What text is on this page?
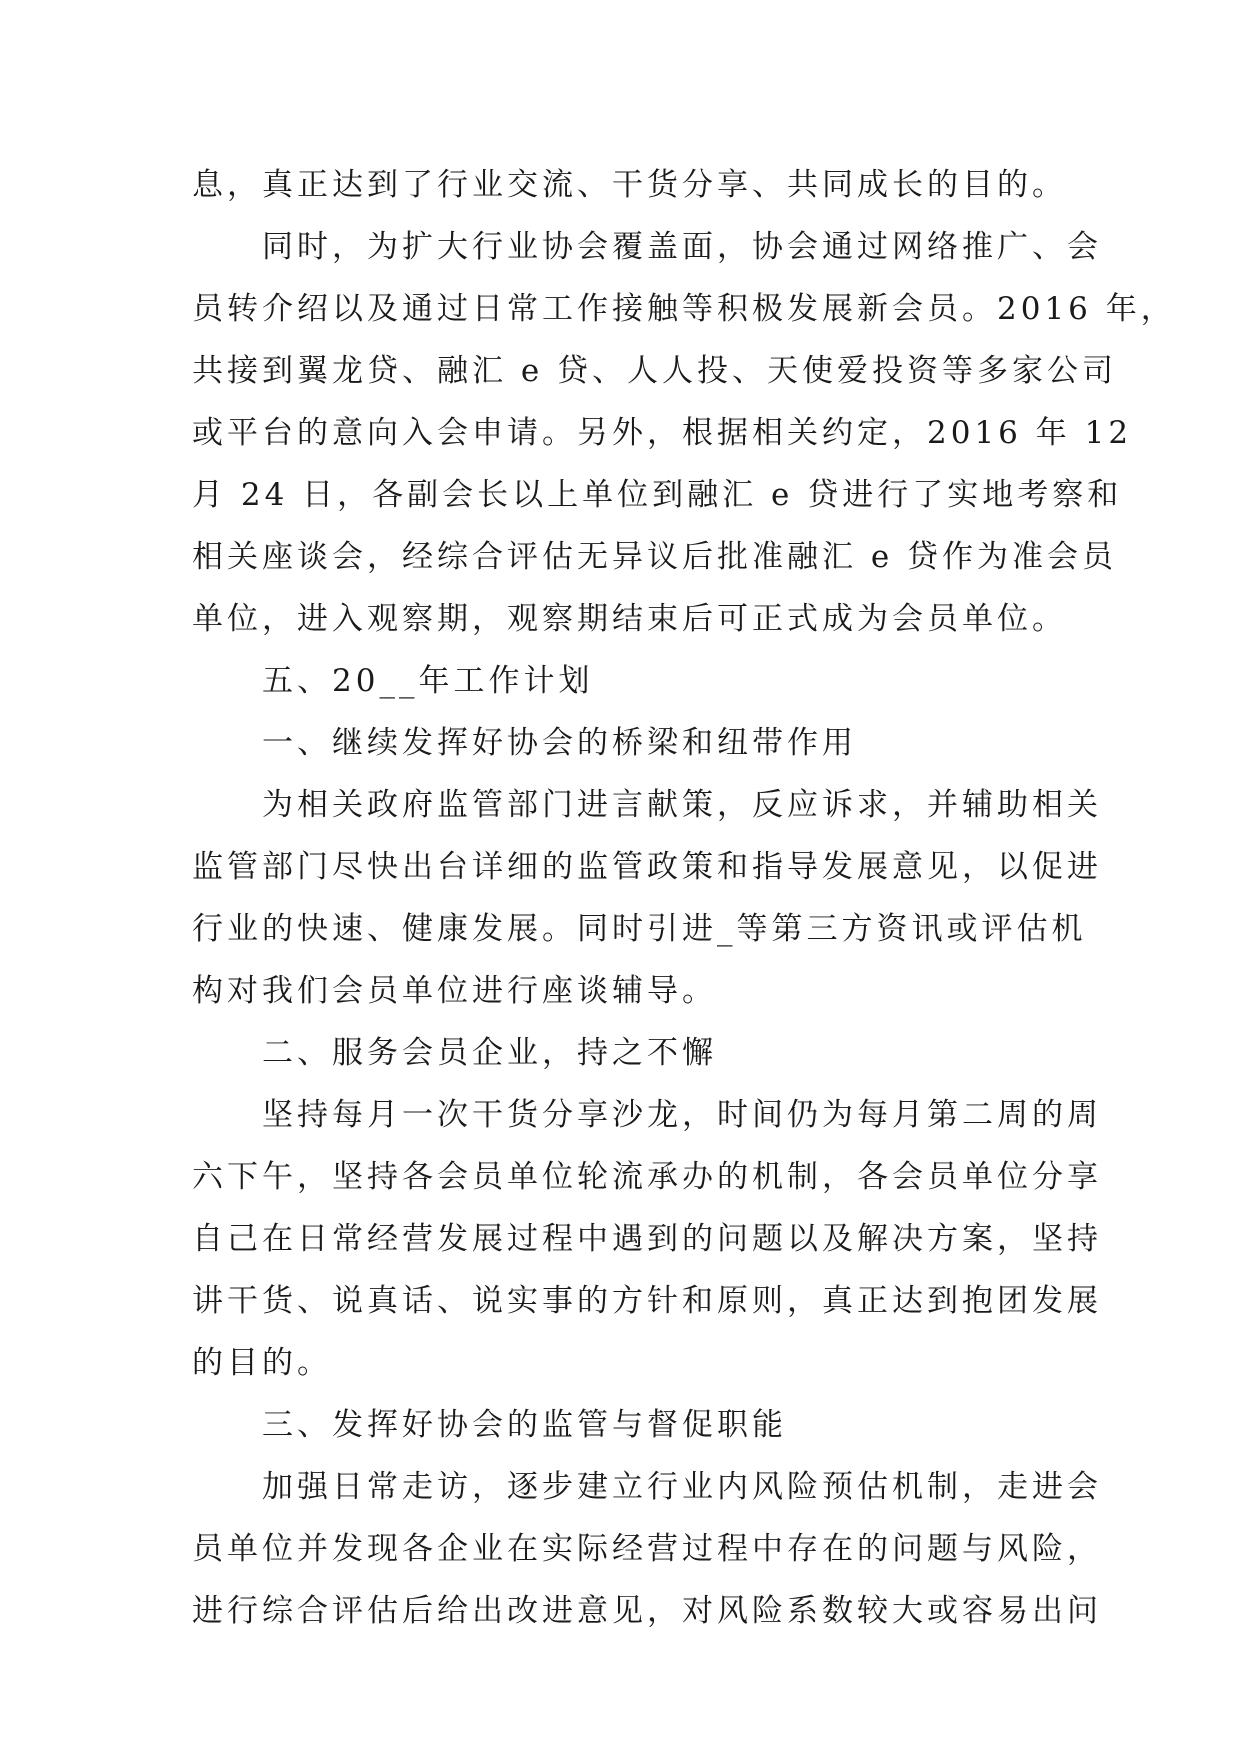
息，真正达到了行业交流、干货分享、共同成长的目的。
　　同时，为扩大行业协会覆盖面，协会通过网络推广、会
员转介绍以及通过日常工作接触等积极发展新会员。2016 年，
共接到翼龙贷、融汇 e 贷、人人投、天使爱投资等多家公司
或平台的意向入会申请。另外，根据相关约定，2016 年 12
月 24 日，各副会长以上单位到融汇 e 贷进行了实地考察和
相关座谈会，经综合评估无异议后批准融汇 e 贷作为准会员
单位，进入观察期，观察期结束后可正式成为会员单位。
　　五、20__年工作计划
　　一、继续发挥好协会的桥梁和纽带作用
　　为相关政府监管部门进言献策，反应诉求，并辅助相关
监管部门尽快出台详细的监管政策和指导发展意见，以促进
行业的快速、健康发展。同时引进_等第三方资讯或评估机
构对我们会员单位进行座谈辅导。
　　二、服务会员企业，持之不懈
　　坚持每月一次干货分享沙龙，时间仍为每月第二周的周
六下午，坚持各会员单位轮流承办的机制，各会员单位分享
自己在日常经营发展过程中遇到的问题以及解决方案，坚持
讲干货、说真话、说实事的方针和原则，真正达到抱团发展
的目的。
　　三、发挥好协会的监管与督促职能
　　加强日常走访，逐步建立行业内风险预估机制，走进会
员单位并发现各企业在实际经营过程中存在的问题与风险，
进行综合评估后给出改进意见，对风险系数较大或容易出问
